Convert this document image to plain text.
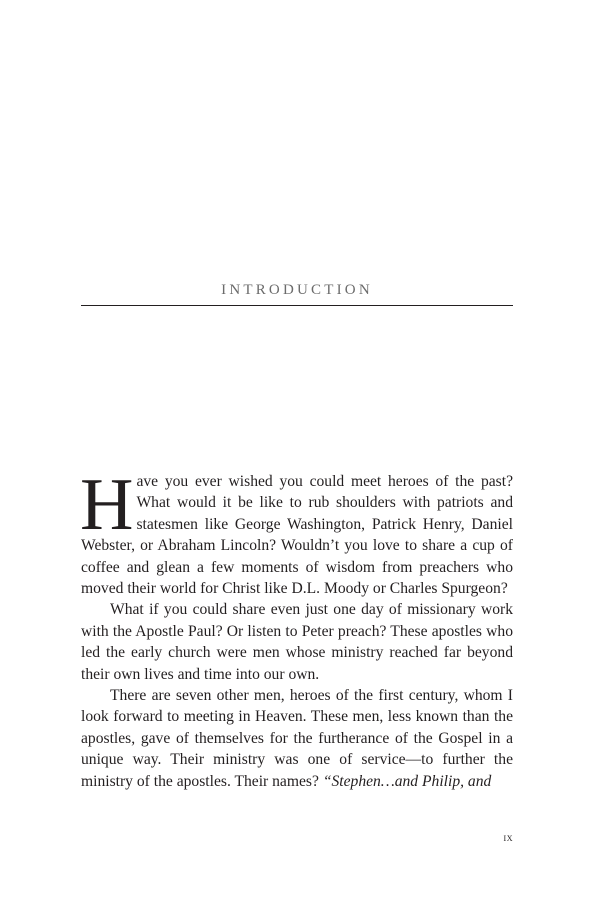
INTRODUCTION

Have you ever wished you could meet heroes of the past? What would it be like to rub shoulders with patriots and statesmen like George Washington, Patrick Henry, Daniel Webster, or Abraham Lincoln? Wouldn’t you love to share a cup of coffee and glean a few moments of wisdom from preachers who moved their world for Christ like D.L. Moody or Charles Spurgeon?

What if you could share even just one day of missionary work with the Apostle Paul? Or listen to Peter preach? These apostles who led the early church were men whose ministry reached far beyond their own lives and time into our own.

There are seven other men, heroes of the first century, whom I look forward to meeting in Heaven. These men, less known than the apostles, gave of themselves for the furtherance of the Gospel in a unique way. Their ministry was one of service—to further the ministry of the apostles. Their names? “Stephen…and Philip, and

ix
